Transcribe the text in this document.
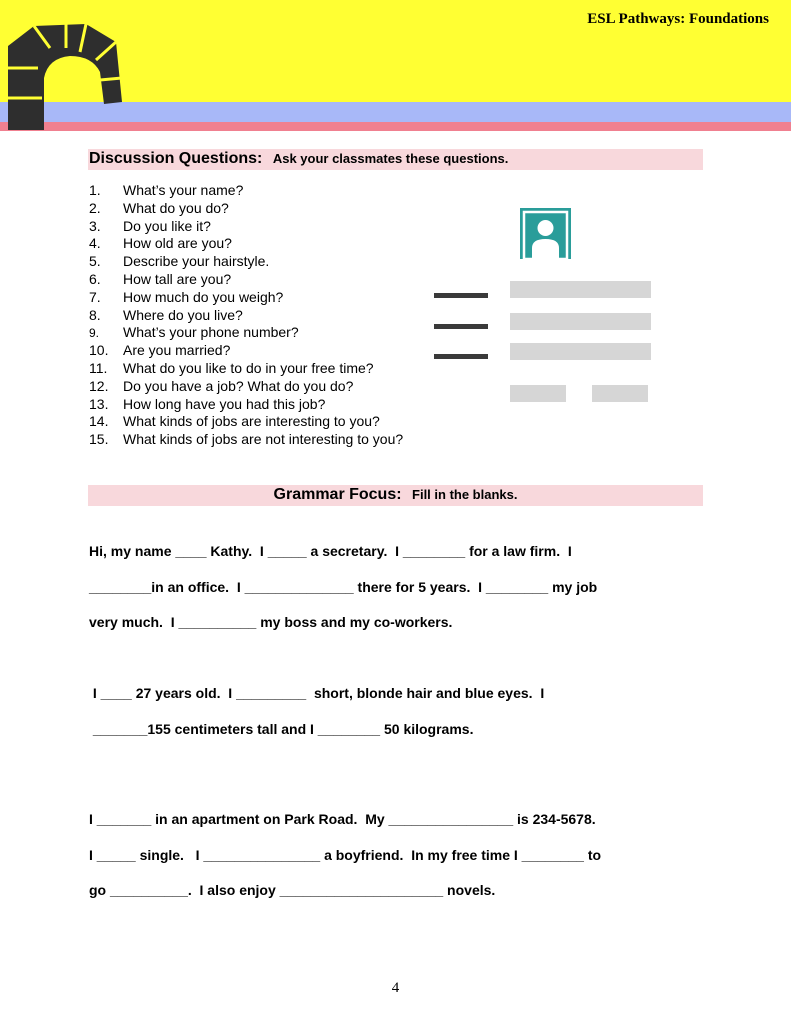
ESL Pathways: Foundations
Discussion Questions: Ask your classmates these questions.
1. What’s your name?
2. What do you do?
3. Do you like it?
4. How old are you?
5. Describe your hairstyle.
6. How tall are you?
7. How much do you weigh?
8. Where do you live?
9. What’s your phone number?
10. Are you married?
11. What do you like to do in your free time?
12. Do you have a job? What do you do?
13. How long have you had this job?
14. What kinds of jobs are interesting to you?
15. What kinds of jobs are not interesting to you?
Grammar Focus: Fill in the blanks.
Hi, my name ____ Kathy.  I _____ a secretary.  I ________ for a law firm.  I
________in an office.  I ______________ there for 5 years.  I ________ my job
very much.  I __________ my boss and my co-workers.
I ____ 27 years old.  I _________  short, blonde hair and blue eyes.  I
_______155 centimeters tall and I ________ 50 kilograms.
I _______ in an apartment on Park Road.  My ________________ is 234-5678.
I _____ single.   I _______________ a boyfriend.  In my free time I ________ to
go __________.  I also enjoy _____________________ novels.
4
